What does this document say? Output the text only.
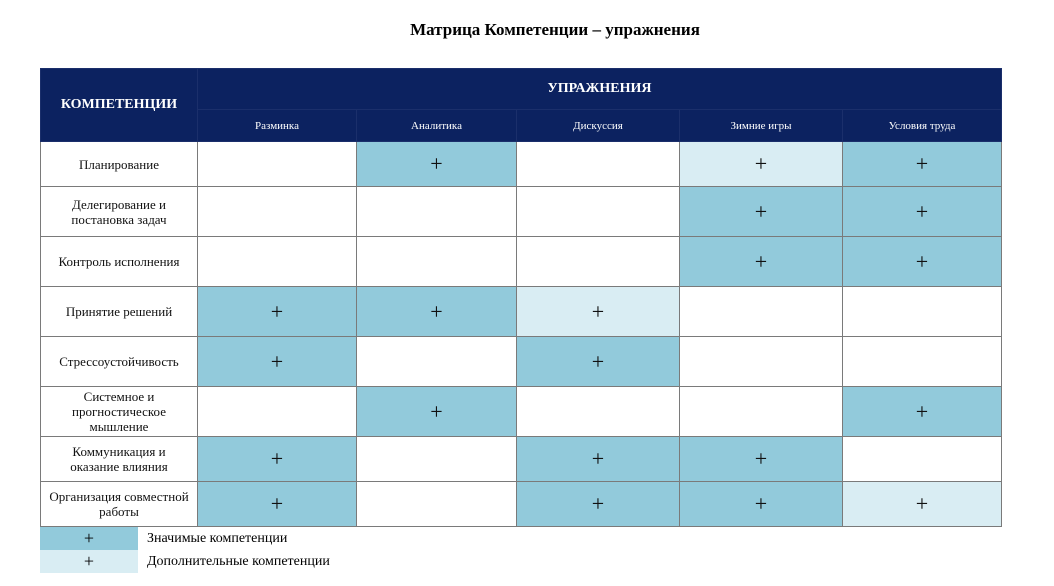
Матрица Компетенции – упражнения
КОМПЕТЕНЦИИ	УПРАЖНЕНИЯ				
	Разминка	Аналитика	Дискуссия	Зимние игры	Условия труда
Планирование		+		+	+
Делегирование и постановка задач				+	+
Контроль исполнения				+	+
Принятие решений	+	+	+		
Стрессоустойчивость	+		+		
Системное и прогностическое мышление		+			+
Коммуникация и оказание влияния	+		+	+	
Организация совместной работы	+		+	+	+
+	Значимые компетенции
+	Дополнительные компетенции
